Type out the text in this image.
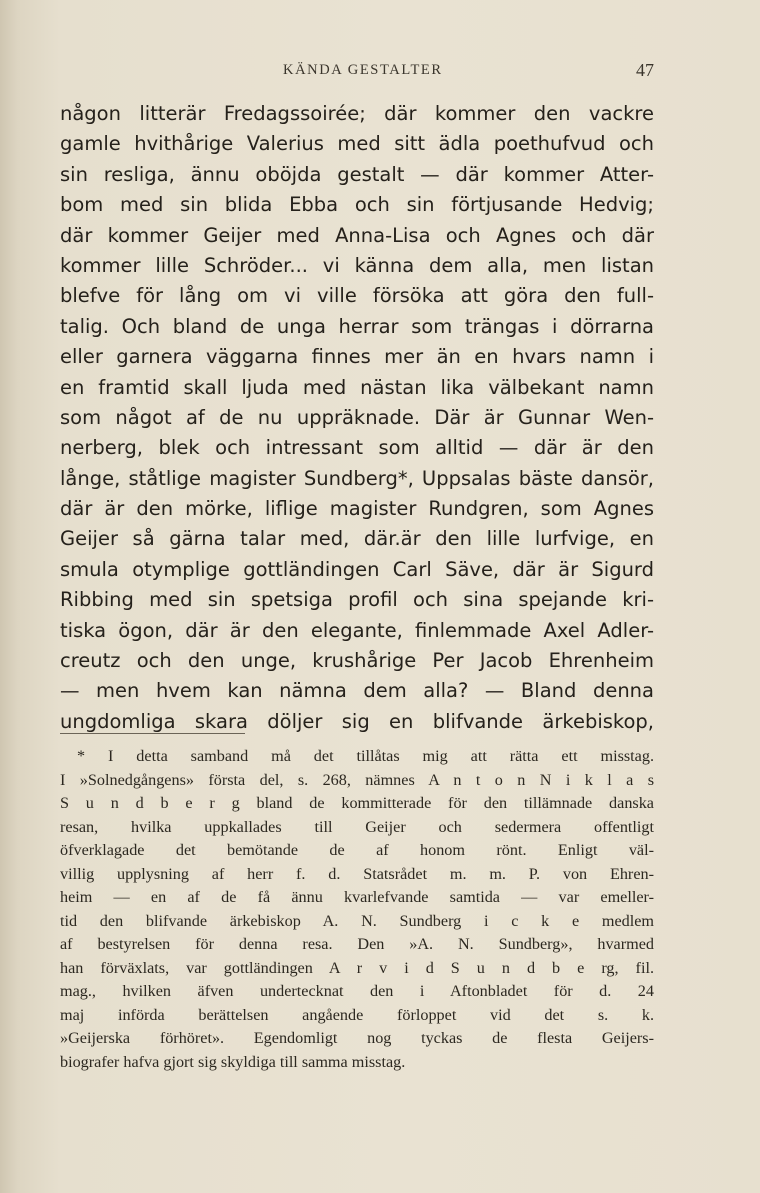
KÄNDA GESTALTER	47
någon litterär Fredagssoirée; där kommer den vackre
gamle hvithårige Valerius med sitt ädla poethufvud och
sin resliga, ännu oböjda gestalt — där kommer Atter-
bom med sin blida Ebba och sin förtjusande Hedvig;
där kommer Geijer med Anna-Lisa och Agnes och där
kommer lille Schröder... vi känna dem alla, men listan
blefve för lång om vi ville försöka att göra den full-
talig. Och bland de unga herrar som trängas i dörrarna
eller garnera väggarna finnes mer än en hvars namn i
en framtid skall ljuda med nästan lika välbekant namn
som något af de nu uppräknade. Där är Gunnar Wen-
nerberg, blek och intressant som alltid — där är den
långe, ståtlige magister Sundberg*, Uppsalas bäste dansör,
där är den mörke, liflige magister Rundgren, som Agnes
Geijer så gärna talar med, där.är den lille lurfvige, en
smula otymplige gottländingen Carl Säve, där är Sigurd
Ribbing med sin spetsiga profil och sina spejande kri-
tiska ögon, där är den elegante, finlemmade Axel Adler-
creutz och den unge, krushårige Per Jacob Ehrenheim
— men hvem kan nämna dem alla? — Bland denna
ungdomliga skara döljer sig en blifvande ärkebiskop,
* I detta samband må det tillåtas mig att rätta ett misstag.
I »Solnedgångens» första del, s. 268, nämnes A n t o n N i k l a s
S u n d b e r g bland de kommitterade för den tillämnade danska
resan, hvilka uppkallades till Geijer och sedermera offentligt
öfverklagade det bemötande de af honom rönt. Enligt väl-
villig upplysning af herr f. d. Statsrådet m. m. P. von Ehren-
heim — en af de få ännu kvarlefvande samtida — var emeller-
tid den blifvande ärkebiskop A. N. Sundberg i c k e medlem
af bestyrelsen för denna resa. Den »A. N. Sundberg», hvarmed
han förväxlats, var gottländingen A r v i d S u n d b e rg, fil.
mag., hvilken äfven undertecknat den i Aftonbladet för d. 24
maj införda berättelsen angående förloppet vid det s. k.
»Geijerska förhöret». Egendomligt nog tyckas de flesta Geijers-
biografer hafva gjort sig skyldiga till samma misstag.
